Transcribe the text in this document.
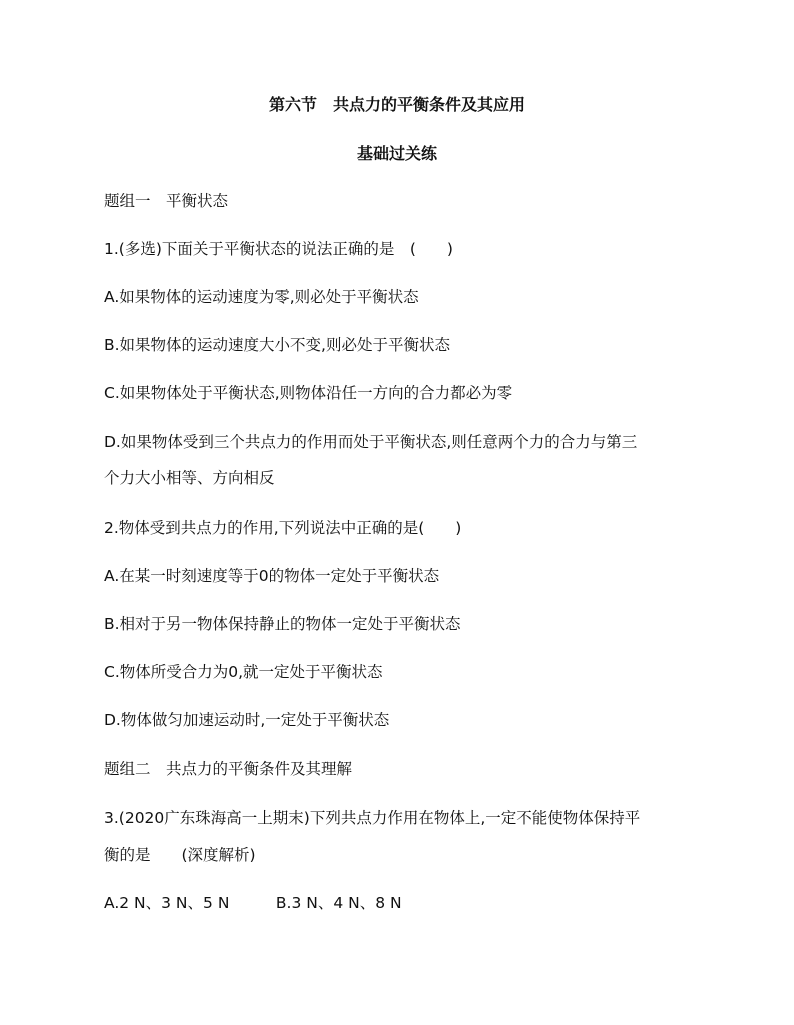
第六节　共点力的平衡条件及其应用
基础过关练
题组一　平衡状态
1.(多选)下面关于平衡状态的说法正确的是　(　　)
A.如果物体的运动速度为零,则必处于平衡状态
B.如果物体的运动速度大小不变,则必处于平衡状态
C.如果物体处于平衡状态,则物体沿任一方向的合力都必为零
D.如果物体受到三个共点力的作用而处于平衡状态,则任意两个力的合力与第三
个力大小相等、方向相反
2.物体受到共点力的作用,下列说法中正确的是(　　)
A.在某一时刻速度等于0的物体一定处于平衡状态
B.相对于另一物体保持静止的物体一定处于平衡状态
C.物体所受合力为0,就一定处于平衡状态
D.物体做匀加速运动时,一定处于平衡状态
题组二　共点力的平衡条件及其理解
3.(2020广东珠海高一上期末)下列共点力作用在物体上,一定不能使物体保持平
衡的是　　(深度解析)
A.2 N、3 N、5 N　　　B.3 N、4 N、8 N
